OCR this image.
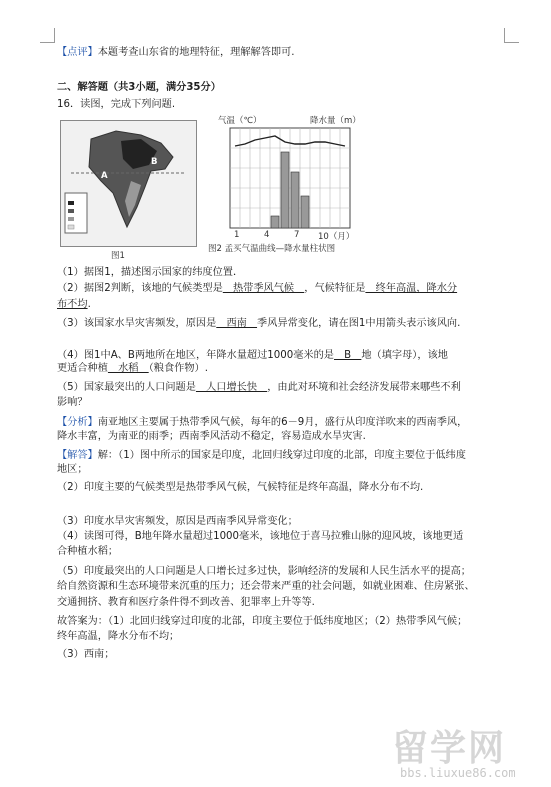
【点评】本题考查山东省的地理特征，理解解答即可.
二、解答题（共3小题，满分35分）
16．读图，完成下列问题.
（1）据图1，描述图示国家的纬度位置．
（2）据图2判断，该地的气候类型是　热带季风气候　，气候特征是　终年高温，降水分
布不均.
（3）该国家水旱灾害频发，原因是　西南　季风异常变化，请在图1中用箭头表示该风向.
（4）图1中A、B两地所在地区，年降水量超过1000毫米的是　B　地（填字母），该地
更适合种植　水稻　（粮食作物）.
（5）国家最突出的人口问题是　人口增长快　，由此对环境和社会经济发展带来哪些不利
影响？
【分析】南亚地区主要属于热带季风气候，每年的6－9月，盛行从印度洋吹来的西南季风，
降水丰富，为南亚的雨季；西南季风活动不稳定，容易造成水旱灾害.
【解答】解：（1）图中所示的国家是印度，北回归线穿过印度的北部，印度主要位于低纬度
地区；
（2）印度主要的气候类型是热带季风气候，气候特征是终年高温，降水分布不均.
（3）印度水旱灾害频发，原因是西南季风异常变化；
（4）读图可得，B地年降水量超过1000毫米，该地位于喜马拉雅山脉的迎风坡，该地更适
合种植水稻；
（5）印度最突出的人口问题是人口增长过多过快，影响经济的发展和人民生活水平的提高；
给自然资源和生态环境带来沉重的压力；还会带来严重的社会问题，如就业困难、住房紧张、
交通拥挤、教育和医疗条件得不到改善、犯罪率上升等等.
故答案为：（1）北回归线穿过印度的北部，印度主要位于低纬度地区；（2）热带季风气候；
终年高温，降水分布不均；
（3）西南；
A
B
图1
气温（℃）	降水量（m）
1	4	7 10（月）
图2 孟买气温曲线—降水量柱状图
留学网
bbs.liuxue86.com
